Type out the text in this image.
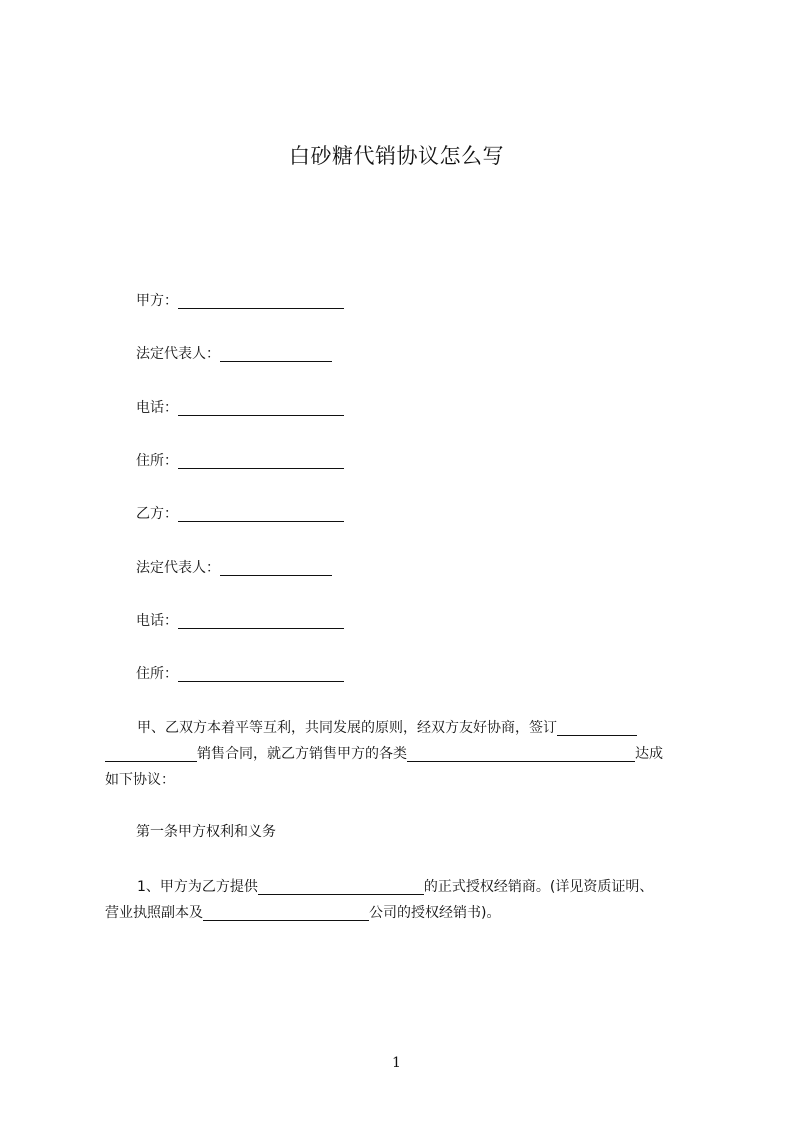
白砂糖代销协议怎么写
甲方：
法定代表人：
电话：
住所：
乙方：
法定代表人：
电话：
住所：
甲、乙双方本着平等互利，共同发展的原则，经双方友好协商，签订
销售合同，就乙方销售甲方的各类	达成
如下协议：
第一条甲方权利和义务
1、甲方为乙方提供	的正式授权经销商。(详见资质证明、
营业执照副本及	公司的授权经销书)。
1
